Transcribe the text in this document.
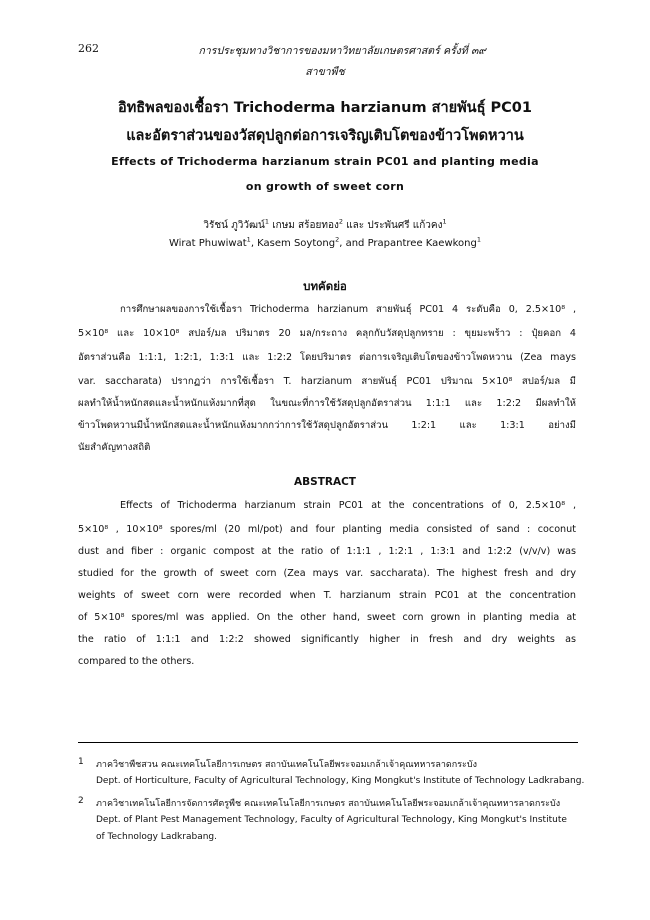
262	การประชุมทางวิชาการของมหาวิทยาลัยเกษตรศาสตร์ ครั้งที่ ๓๙
สาขาพืช
อิทธิพลของเชื้อรา Trichoderma harzianum สายพันธุ์ PC01
และอัตราส่วนของวัสดุปลูกต่อการเจริญเติบโตของข้าวโพดหวาน
Effects of Trichoderma harzianum strain PC01 and planting media
on growth of sweet corn
วิรัชน์ ภูวิวัฒน์$^1$ เกษม สร้อยทอง$^2$ และ ประพันศรี แก้วคง$^1$
Wirat Phuwiwat$^1$, Kasem Soytong$^2$, and Prapantree Kaewkong$^1$
บทคัดย่อ
การศึกษาผลของการใช้เชื้อรา Trichoderma harzianum สายพันธุ์ PC01 4 ระดับคือ 0, 2.5×10⁸ ,
5×10⁸ และ 10×10⁸ สปอร์/มล ปริมาตร 20 มล/กระถาง คลุกกับวัสดุปลูกทราย : ขุยมะพร้าว : ปุ๋ยคอก 4
อัตราส่วนคือ 1:1:1, 1:2:1, 1:3:1 และ 1:2:2 โดยปริมาตร ต่อการเจริญเติบโตของข้าวโพดหวาน (Zea mays
var. saccharata) ปรากฏว่า การใช้เชื้อรา T. harzianum สายพันธุ์ PC01 ปริมาณ 5×10⁸ สปอร์/มล มี
ผลทำให้น้ำหนักสดและน้ำหนักแห้งมากที่สุด ในขณะที่การใช้วัสดุปลูกอัตราส่วน 1:1:1 และ 1:2:2 มีผลทำให้
ข้าวโพดหวานมีน้ำหนักสดและน้ำหนักแห้งมากกว่าการใช้วัสดุปลูกอัตราส่วน 1:2:1 และ 1:3:1 อย่างมี
นัยสำคัญทางสถิติ
ABSTRACT
Effects of Trichoderma harzianum strain PC01 at the concentrations of 0, 2.5×10⁸ ,
5×10⁸ , 10×10⁸ spores/ml (20 ml/pot) and four planting media consisted of sand : coconut
dust and fiber : organic compost at the ratio of 1:1:1 , 1:2:1 , 1:3:1 and 1:2:2 (v/v/v) was
studied for the growth of sweet corn (Zea mays var. saccharata). The highest fresh and dry
weights of sweet corn were recorded when T. harzianum strain PC01 at the concentration
of 5×10⁸ spores/ml was applied. On the other hand, sweet corn grown in planting media at
the ratio of 1:1:1 and 1:2:2 showed significantly higher in fresh and dry weights as
compared to the others.
1 ภาควิชาพืชสวน คณะเทคโนโลยีการเกษตร สถาบันเทคโนโลยีพระจอมเกล้าเจ้าคุณทหารลาดกระบัง
Dept. of Horticulture, Faculty of Agricultural Technology, King Mongkut's Institute of Technology Ladkrabang.
2 ภาควิชาเทคโนโลยีการจัดการศัตรูพืช คณะเทคโนโลยีการเกษตร สถาบันเทคโนโลยีพระจอมเกล้าเจ้าคุณทหารลาดกระบัง
Dept. of Plant Pest Management Technology, Faculty of Agricultural Technology, King Mongkut's Institute
of Technology Ladkrabang.
